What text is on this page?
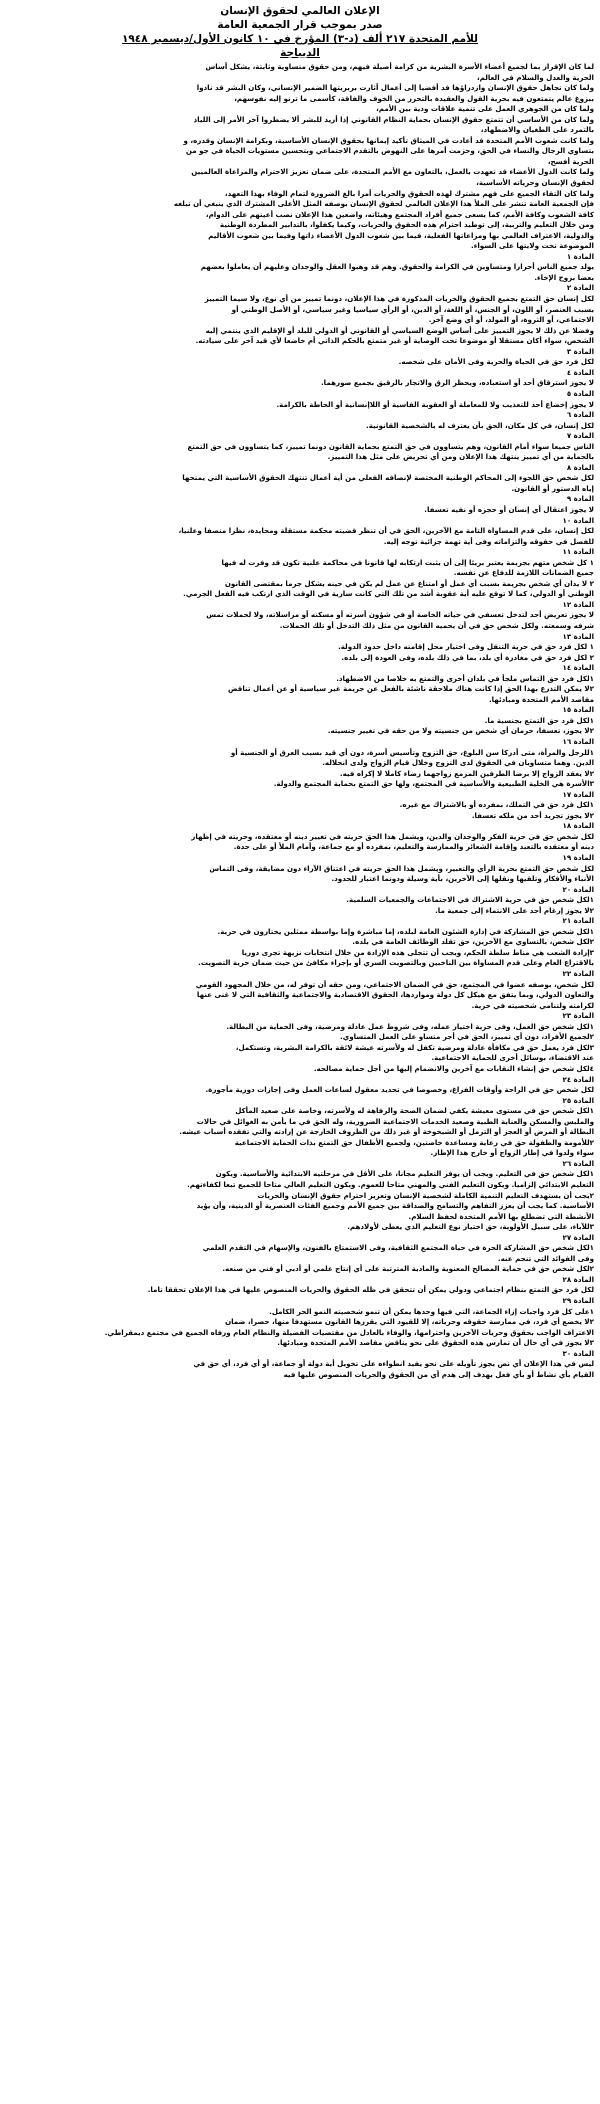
الإعلان العالمي لحقوق الإنسان
صدر بموجب قرار الجمعية العامة
للأمم المتحدة ٢١٧ ألف (د-٣) المؤرخ في ١٠ كانون الأول/ديسمبر ١٩٤٨
الديباجة
لما كان الإقرار بما لجميع أعضاء الأسرة البشرية من كرامة أصيلة فيهم، ومن حقوق متساوية وثابتة، يشكل أساس
الحرية والعدل والسلام في العالم،
ولما كان تجاهل حقوق الإنسان وازدراؤها قد أفضيا إلى أعمال أثارت بربريتها الضمير الإنساني، وكان البشر قد نادوا
ببزوغ عالم يتمتعون فيه بحرية القول والعقيدة بالتحرر من الخوف والفاقة، كأسمى ما ترنو إليه نفوسهم،
ولما كان من الجوهري العمل على تنمية علاقات ودية بين الأمم،
ولما كان من الأساسي أن تتمتع حقوق الإنسان بحماية النظام القانوني إذا أريد للبشر ألا يضطروا آخر الأمر إلى اللياذ
بالتمرد على الطغيان والاضطهاد،
ولما كانت شعوب الأمم المتحدة قد أعادت في الميثاق تأكيد إيمانها بحقوق الإنسان الأساسية، وبكرامة الإنسان وقدره، و
بتساوي الرجال والنساء في الحق، وحزمت أمرها على النهوض بالتقدم الاجتماعي وبتحسين مستويات الحياة في جو من
الحرية أفسح،
ولما كانت الدول الأعضاء قد تعهدت بالعمل، بالتعاون مع الأمم المتحدة، على ضمان تعزيز الاحترام والمراعاة العالميين
لحقوق الإنسان وحرياته الأساسية،
ولما كان التقاء الجميع على فهم مشترك لهذه الحقوق والحريات أمرا بالغ الضرورة لتمام الوفاء بهذا التعهد،
فإن الجمعية العامة تنشر على الملأ هذا الإعلان العالمي لحقوق الإنسان بوصفه المثل الأعلى المشترك الذي ينبغي أن تبلغه
كافة الشعوب وكافة الأمم، كما يسعى جميع أفراد المجتمع وهيئاته، واضعين هذا الإعلان نصب أعينهم على الدوام،
ومن خلال التعليم والتربية، إلى توطيد احترام هذه الحقوق والحريات، وكيما يكفلوا، بالتدابير المطردة الوطنية
والدولية، الاعتراف العالمي بها ومراعاتها الفعلية، فيما بين شعوب الدول الأعضاء ذاتها وفيما بين شعوب الأقاليم
الموضوعة تحت ولايتها على السواء.
المادة ١
يولد جميع الناس أحرارا ومتساوين في الكرامة والحقوق. وهم قد وهبوا العقل والوجدان وعليهم أن يعاملوا بعضهم
بعضا بروح الإخاء.
المادة ٢
لكل إنسان حق التمتع بجميع الحقوق والحريات المذكورة في هذا الإعلان، دونما تمييز من أي نوع، ولا سيما التمييز
بسبب العنصر، أو اللون، أو الجنس، أو اللغة، أو الدين، أو الرأي سياسيا وغير سياسي، أو الأصل الوطني أو
الاجتماعي، أو الثروة، أو المولد، أو أي وضع آخر.
وفضلا عن ذلك لا يجوز التمييز على أساس الوضع السياسي أو القانوني أو الدولي للبلد أو الإقليم الذي ينتمي إليه
الشخص، سواء أكان مستقلا أو موضوعا تحت الوصاية أو غير متمتع بالحكم الذاتي أم خاضعا لأي قيد آخر على سيادته.
المادة ٣
لكل فرد حق في الحياة والحرية وفى الأمان على شخصه.
المادة ٤
لا يجوز استرقاق أحد أو استعباده، ويحظر الرق والاتجار بالرقيق بجميع صورهما.
المادة ٥
لا يجوز إخضاع أحد للتعذيب ولا للمعاملة أو العقوبة القاسية أو اللاإنسانية أو الحاطة بالكرامة.
المادة ٦
لكل إنسان، في كل مكان، الحق بأن يعترف له بالشخصية القانونية.
المادة ٧
الناس جميعا سواء أمام القانون، وهم يتساوون في حق التمتع بحماية القانون دونما تمييز، كما يتساوون في حق التمتع
بالحماية من أي تمييز ينتهك هذا الإعلان ومن أي تحريض على مثل هذا التمييز.
المادة ٨
لكل شخص حق اللجوء إلى المحاكم الوطنية المختصة لإنصافه الفعلي من أية أعمال تنتهك الحقوق الأساسية التي يمنحها
إياه الدستور أو القانون.
المادة ٩
لا يجوز اعتقال أي إنسان أو حجزه أو نفيه تعسفا.
المادة ١٠
لكل إنسان، على قدم المساواة التامة مع الآخرين، الحق في أن تنظر قضيته محكمة مستقلة ومحايدة، نظرا منصفا وعلنيا،
للفصل في حقوقه والتزاماته وفى أية تهمة جزائية توجه إليه.
المادة ١١
١ كل شخص متهم بجريمة يعتبر بريئا إلى أن يثبت ارتكابه لها قانونا في محاكمة علنية تكون قد وفرت له فيها
جميع الضمانات اللازمة للدفاع عن نفسه.
٢ لا يدان أي شخص بجريمة بسبب أي عمل أو امتناع عن عمل لم يكن في حينه يشكل جرما بمقتضى القانون
الوطني أو الدولي، كما لا توقع عليه أية عقوبة أشد من تلك التي كانت سارية في الوقت الذي ارتكب فيه الفعل الجرمي.
المادة ١٢
لا يجوز تعريض أحد لتدخل تعسفي في حياته الخاصة أو في شؤون أسرته أو مسكنه أو مراسلاته، ولا لحملات تمس
شرفه وسمعته. ولكل شخص حق في أن يحميه القانون من مثل ذلك التدخل أو تلك الحملات.
المادة ١٣
١ لكل فرد حق في حرية التنقل وفى اختيار محل إقامته داخل حدود الدولة.
٢ لكل فرد حق في مغادرة أي بلد، بما في ذلك بلده، وفى العودة إلى بلده.
المادة ١٤
١لكل فرد حق التماس ملجأ في بلدان أخرى والتمتع به خلاصا من الاضطهاد.
٢لا يمكن التذرع بهذا الحق إذا كانت هناك ملاحقة ناشئة بالفعل عن جريمة غير سياسية أو عن أعمال تناقض
مقاصد الأمم المتحدة ومبادئها.
المادة ١٥
١لكل فرد حق التمتع بجنسية ما.
٢لا يجوز، تعسفا، حرمان أي شخص من جنسيته ولا من حقه في تغيير جنسيته.
المادة ١٦
١للرجل والمرأة، متى أدركا سن البلوغ، حق التزوج وتأسيس أسرة، دون أي قيد بسبب العرق أو الجنسية أو
الدين. وهما متساويان في الحقوق لدى التزوج وخلال قيام الزواج ولدى انحلاله.
٢لا يعقد الزواج إلا برضا الطرفين المزمع زواجهما رضاء كاملا لا إكراه فيه.
٣الأسرة هي الخلية الطبيعية والأساسية في المجتمع، ولها حق التمتع بحماية المجتمع والدولة.
المادة ١٧
١لكل فرد حق في التملك، بمفرده أو بالاشتراك مع غيره.
٢لا يجوز تجريد أحد من ملكه تعسفا.
المادة ١٨
لكل شخص حق في حرية الفكر والوجدان والدين، ويشمل هذا الحق حريته في تغيير دينه أو معتقده، وحريته في إظهار
دينه أو معتقده بالتعبد وإقامة الشعائر والممارسة والتعليم، بمفرده أو مع جماعة، وأمام الملأ أو على حدة.
المادة ١٩
لكل شخص حق التمتع بحرية الرأي والتعبير، ويشمل هذا الحق حريته في اعتناق الآراء دون مضايقة، وفى التماس
الأنباء والأفكار وتلقيها ونقلها إلى الآخرين، بأية وسيلة ودونما اعتبار للحدود.
المادة ٢٠
١لكل شخص حق في حرية الاشتراك في الاجتماعات والجمعيات السلمية.
٢لا يجوز إرغام أحد على الانتماء إلى جمعية ما.
المادة ٢١
١لكل شخص حق المشاركة في إدارة الشئون العامة لبلده، إما مباشرة وإما بواسطة ممثلين يختارون في حرية.
٢لكل شخص، بالتساوي مع الآخرين، حق تقلد الوظائف العامة في بلده.
٣إرادة الشعب هي مناط سلطة الحكم، ويجب أن تتجلى هذه الإرادة من خلال انتخابات نزيهة تجرى دوريا
بالاقتراع العام وعلى قدم المساواة بين الناخبين وبالتصويت السري أو بإجراء مكافئ من حيث ضمان حرية التصويت.
المادة ٢٢
لكل شخص، بوصفه عضوا في المجتمع، حق في الضمان الاجتماعي، ومن حقه أن توفر له، من خلال المجهود القومي
والتعاون الدولي، وبما يتفق مع هيكل كل دولة ومواردها، الحقوق الاقتصادية والاجتماعية والثقافية التي لا غنى عنها
لكرامته ولتنامي شخصيته في حرية.
المادة ٢٣
١لكل شخص حق العمل، وفى حرية اختيار عمله، وفى شروط عمل عادلة ومرضية، وفى الحماية من البطالة.
٢لجميع الأفراد، دون أي تمييز، الحق في أجر متساو على العمل المتساوي.
٣لكل فرد يعمل حق في مكافأة عادلة ومرضية تكفل له ولأسرته عيشة لائقة بالكرامة البشرية، وتستكمل،
عند الاقتضاء، بوسائل أخرى للحماية الاجتماعية.
٤لكل شخص حق إنشاء النقابات مع آخرين والانضمام إليها من أجل حماية مصالحه.
المادة ٢٤
لكل شخص حق في الراحة وأوقات الفراغ، وخصوصا في تحديد معقول لساعات العمل وفى إجازات دورية مأجورة.
المادة ٢٥
١لكل شخص حق في مستوى معيشة يكفي لضمان الصحة والرفاهة له ولأسرته، وخاصة على صعيد المأكل
والملبس والمسكن والعناية الطبية وصعيد الخدمات الاجتماعية الضرورية، وله الحق في ما يأمن به الغوائل في حالات
البطالة أو المرض أو العجز أو الترمل أو الشيخوخة أو غير ذلك من الظروف الخارجة عن إرادته والتي تفقده أسباب عيشه.
٢للأمومة والطفولة حق في رعاية ومساعدة خاصتين، ولجميع الأطفال حق التمتع بذات الحماية الاجتماعية
سواء ولدوا في إطار الزواج أو خارج هذا الإطار.
المادة ٢٦
١لكل شخص حق في التعليم. ويجب أن يوفر التعليم مجانا، على الأقل في مرحلتيه الابتدائية والأساسية. ويكون
التعليم الابتدائي إلزاميا. ويكون التعليم الفني والمهني متاحا للعموم. ويكون التعليم العالي متاحا للجميع تبعا لكفاءتهم.
٢يجب أن يستهدف التعليم التنمية الكاملة لشخصية الإنسان وتعزيز احترام حقوق الإنسان والحريات
الأساسية. كما يجب أن يعزز التفاهم والتسامح والصداقة بين جميع الأمم وجميع الفئات العنصرية أو الدينية، وأن يؤيد
الأنشطة التي تضطلع بها الأمم المتحدة لحفظ السلام.
٣للآباء، على سبيل الأولوية، حق اختيار نوع التعليم الذي يعطى لأولادهم.
المادة ٢٧
١لكل شخص حق المشاركة الحرة في حياة المجتمع الثقافية، وفى الاستمتاع بالفنون، والإسهام في التقدم العلمي
وفى الفوائد التي تنجم عنه.
٢لكل شخص حق في حماية المصالح المعنوية والمادية المترتبة على أي إنتاج علمي أو أدبي أو فني من صنعه.
المادة ٢٨
لكل فرد حق التمتع بنظام اجتماعي ودولي يمكن أن تتحقق في ظله الحقوق والحريات المنصوص عليها في هذا الإعلان تحققا تاما.
المادة ٢٩
١على كل فرد واجبات إزاء الجماعة، التي فيها وحدها يمكن أن تنمو شخصيته النمو الحر الكامل.
٢لا يخضع أي فرد، في ممارسة حقوقه وحرياته، إلا للقيود التي يقررها القانون مستهدفا منها، حصرا، ضمان
الاعتراف الواجب بحقوق وحريات الآخرين واحترامها، والوفاء بالعادل من مقتضيات الفضيلة والنظام العام ورفاه الجميع في مجتمع ديمقراطي.
٣لا يجوز في أي حال أن تمارس هذه الحقوق على نحو يناقض مقاصد الأمم المتحدة ومبادئها.
المادة ٣٠
ليس في هذا الإعلان أي نص يجوز تأويله على نحو يفيد انطواءه على تخويل أية دولة أو جماعة، أو أي فرد، أي حق في
القيام بأي نشاط أو بأي فعل يهدف إلى هدم أي من الحقوق والحريات المنصوص عليها فيه
